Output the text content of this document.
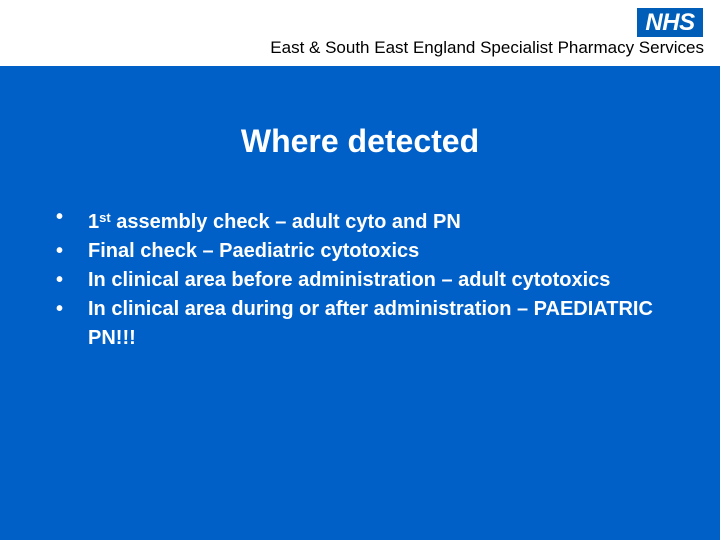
NHS
East & South East England Specialist Pharmacy Services
Where detected
• 1st assembly check – adult cyto and PN
• Final check – Paediatric cytotoxics
• In clinical area before administration – adult cytotoxics
• In clinical area during or after administration – PAEDIATRIC PN!!!
